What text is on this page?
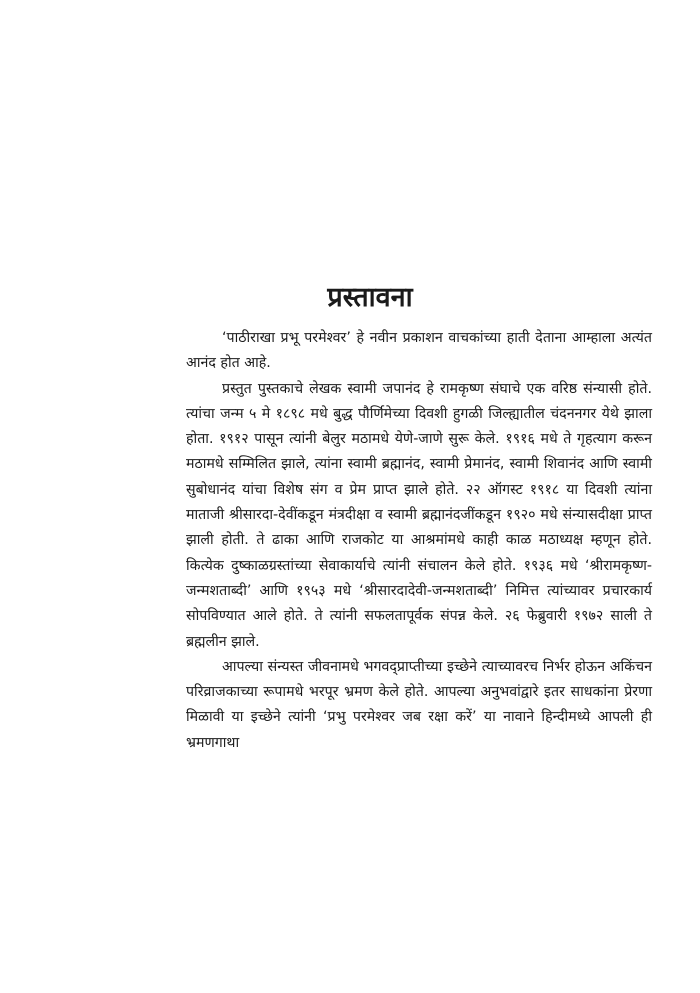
प्रस्तावना

‘पाठीराखा प्रभू परमेश्वर’ हे नवीन प्रकाशन वाचकांच्या हाती देताना आम्हाला अत्यंत आनंद होत आहे.

प्रस्तुत पुस्तकाचे लेखक स्वामी जपानंद हे रामकृष्ण संघाचे एक वरिष्ठ संन्यासी होते. त्यांचा जन्म ५ मे १८९८ मधे बुद्ध पौर्णिमेच्या दिवशी हुगळी जिल्ह्यातील चंदननगर येथे झाला होता. १९१२ पासून त्यांनी बेलुर मठामधे येणे-जाणे सुरू केले. १९१६ मधे ते गृहत्याग करून मठामधे सम्मिलित झाले, त्यांना स्वामी ब्रह्मानंद, स्वामी प्रेमानंद, स्वामी शिवानंद आणि स्वामी सुबोधानंद यांचा विशेष संग व प्रेम प्राप्त झाले होते. २२ ऑगस्ट १९१८ या दिवशी त्यांना माताजी श्रीसारदा-देवींकडून मंत्रदीक्षा व स्वामी ब्रह्मानंदजींकडून १९२० मधे संन्यासदीक्षा प्राप्त झाली होती. ते ढाका आणि राजकोट या आश्रमांमधे काही काळ मठाध्यक्ष म्हणून होते. कित्येक दुष्काळग्रस्तांच्या सेवाकार्याचे त्यांनी संचालन केले होते. १९३६ मधे ‘श्रीरामकृष्ण-जन्मशताब्दी’ आणि १९५३ मधे ‘श्रीसारदादेवी-जन्मशताब्दी’ निमित्त त्यांच्यावर प्रचारकार्य सोपविण्यात आले होते. ते त्यांनी सफलतापूर्वक संपन्न केले. २६ फेब्रुवारी १९७२ साली ते ब्रह्मलीन झाले.

आपल्या संन्यस्त जीवनामधे भगवद्प्राप्तीच्या इच्छेने त्याच्यावरच निर्भर होऊन अकिंचन परिव्राजकाच्या रूपामधे भरपूर भ्रमण केले होते. आपल्या अनुभवांद्वारे इतर साधकांना प्रेरणा मिळावी या इच्छेने त्यांनी ‘प्रभु परमेश्वर जब रक्षा करें’ या नावाने हिन्दीमध्ये आपली ही भ्रमणगाथा
